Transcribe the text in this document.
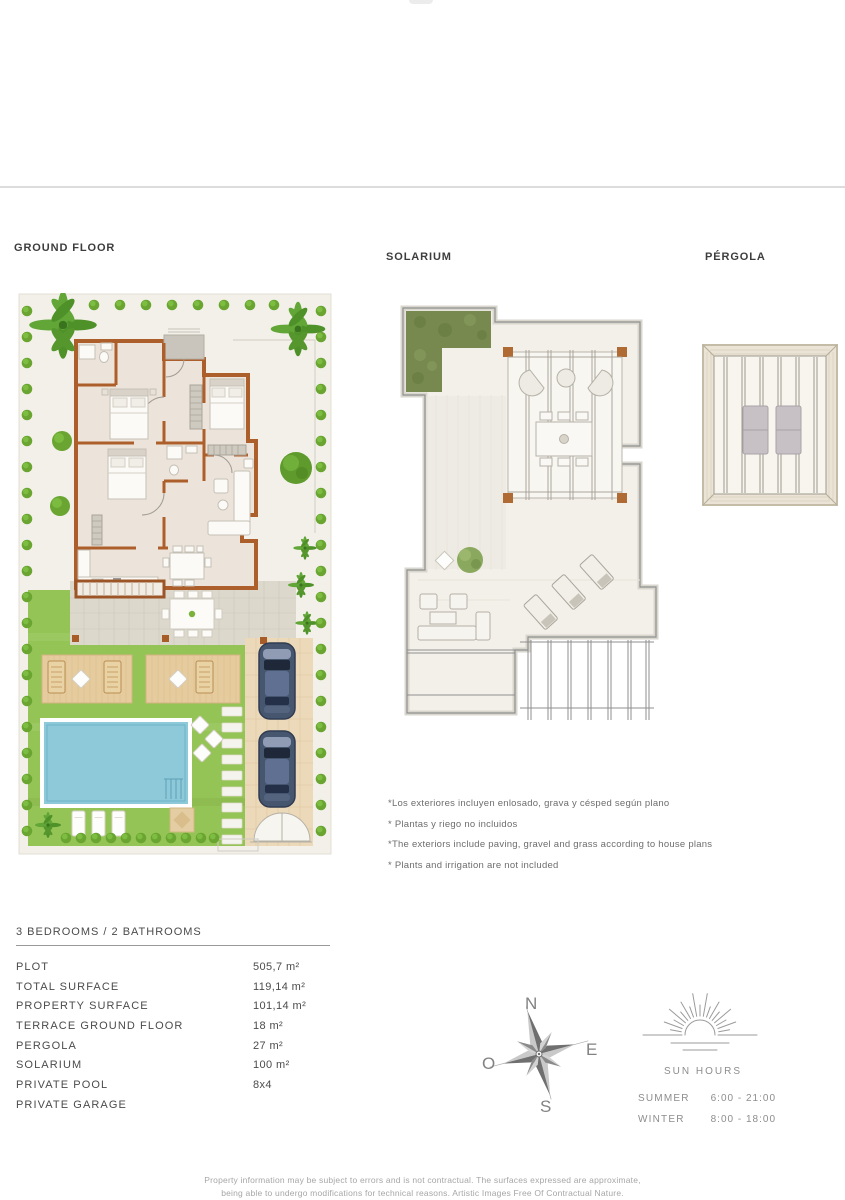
GROUND FLOOR
SOLARIUM	PÉRGOLA
*Los exteriores incluyen enlosado, grava y césped según plano
* Plantas y riego no incluidos
*The exteriors include paving, gravel and grass according to house plans
* Plants and irrigation are not included
3 BEDROOMS / 2 BATHROOMS
PLOT	505,7 m²
TOTAL SURFACE	119,14 m²
PROPERTY SURFACE	101,14 m²
TERRACE GROUND FLOOR	18 m²
PERGOLA	27 m²
SOLARIUM	100 m²
PRIVATE POOL	8x4
PRIVATE GARAGE
N
E
O
S
SUN HOURS
SUMMER	6:00 - 21:00
WINTER	8:00 - 18:00
Property information may be subject to errors and is not contractual. The surfaces expressed are approximate,
being able to undergo modifications for technical reasons. Artistic Images Free Of Contractual Nature.
